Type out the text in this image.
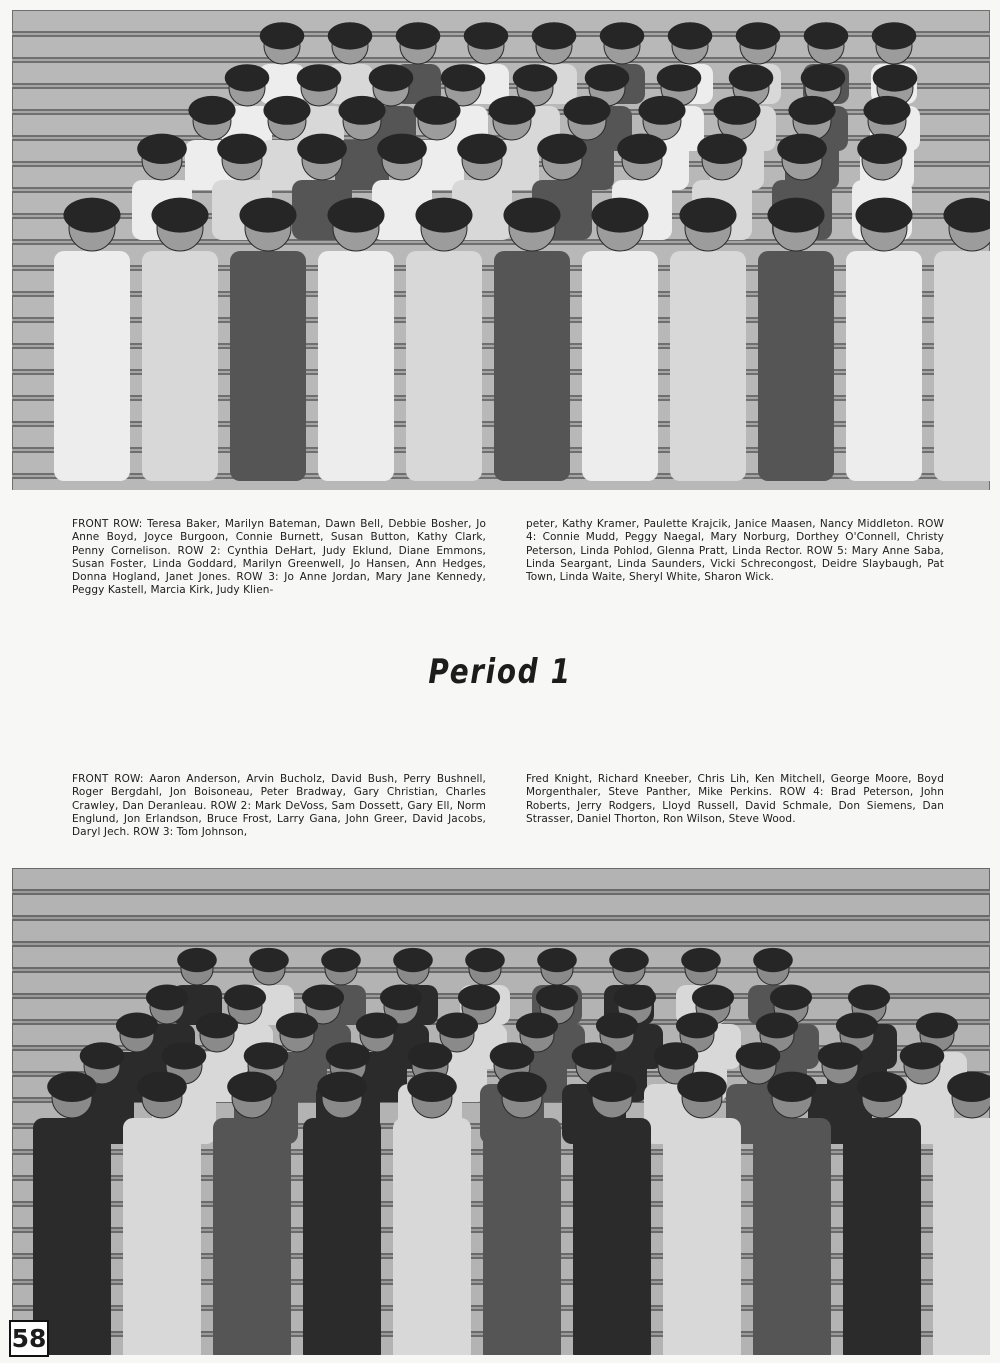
FRONT ROW: Teresa Baker, Marilyn Bateman, Dawn Bell, Debbie Bosher, Jo Anne Boyd, Joyce Burgoon, Connie Burnett, Susan Button, Kathy Clark, Penny Cornelison. ROW 2: Cynthia DeHart, Judy Eklund, Diane Emmons, Susan Foster, Linda Goddard, Marilyn Greenwell, Jo Hansen, Ann Hedges, Donna Hogland, Janet Jones. ROW 3: Jo Anne Jordan, Mary Jane Kennedy, Peggy Kastell, Marcia Kirk, Judy Klien-
peter, Kathy Kramer, Paulette Krajcik, Janice Maasen, Nancy Middleton. ROW 4: Connie Mudd, Peggy Naegal, Mary Norburg, Dorthey O'Connell, Christy Peterson, Linda Pohlod, Glenna Pratt, Linda Rector. ROW 5: Mary Anne Saba, Linda Seargant, Linda Saunders, Vicki Schrecongost, Deidre Slaybaugh, Pat Town, Linda Waite, Sheryl White, Sharon Wick.
Period 1
FRONT ROW: Aaron Anderson, Arvin Bucholz, David Bush, Perry Bushnell, Roger Bergdahl, Jon Boisoneau, Peter Bradway, Gary Christian, Charles Crawley, Dan Deranleau. ROW 2: Mark DeVoss, Sam Dossett, Gary Ell, Norm Englund, Jon Erlandson, Bruce Frost, Larry Gana, John Greer, David Jacobs, Daryl Jech. ROW 3: Tom Johnson,
Fred Knight, Richard Kneeber, Chris Lih, Ken Mitchell, George Moore, Boyd Morgenthaler, Steve Panther, Mike Perkins. ROW 4: Brad Peterson, John Roberts, Jerry Rodgers, Lloyd Russell, David Schmale, Don Siemens, Dan Strasser, Daniel Thorton, Ron Wilson, Steve Wood.
58
